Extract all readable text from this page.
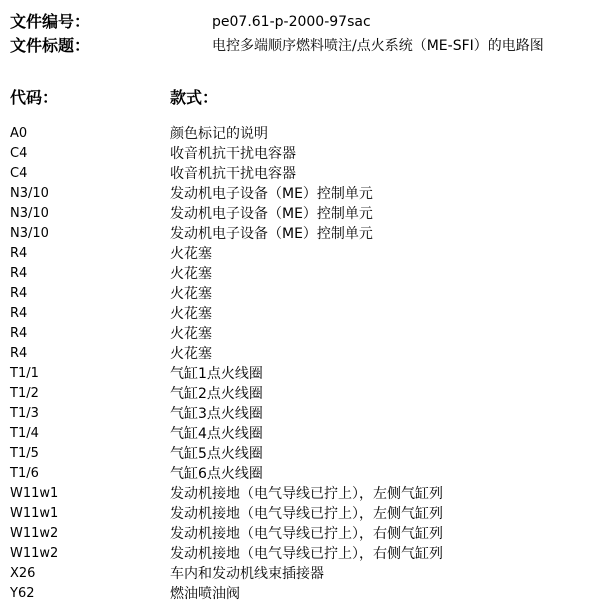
文件编号：	pe07.61-p-2000-97sac
文件标题：	电控多端顺序燃料喷注/点火系统（ME-SFI）的电路图
代码：	款式：
A0	颜色标记的说明
C4	收音机抗干扰电容器
C4	收音机抗干扰电容器
N3/10	发动机电子设备（ME）控制单元
N3/10	发动机电子设备（ME）控制单元
N3/10	发动机电子设备（ME）控制单元
R4	火花塞
R4	火花塞
R4	火花塞
R4	火花塞
R4	火花塞
R4	火花塞
T1/1	气缸1点火线圈
T1/2	气缸2点火线圈
T1/3	气缸3点火线圈
T1/4	气缸4点火线圈
T1/5	气缸5点火线圈
T1/6	气缸6点火线圈
W11w1	发动机接地（电气导线已拧上），左侧气缸列
W11w1	发动机接地（电气导线已拧上），左侧气缸列
W11w2	发动机接地（电气导线已拧上），右侧气缸列
W11w2	发动机接地（电气导线已拧上），右侧气缸列
X26	车内和发动机线束插接器
Y62	燃油喷油阀
